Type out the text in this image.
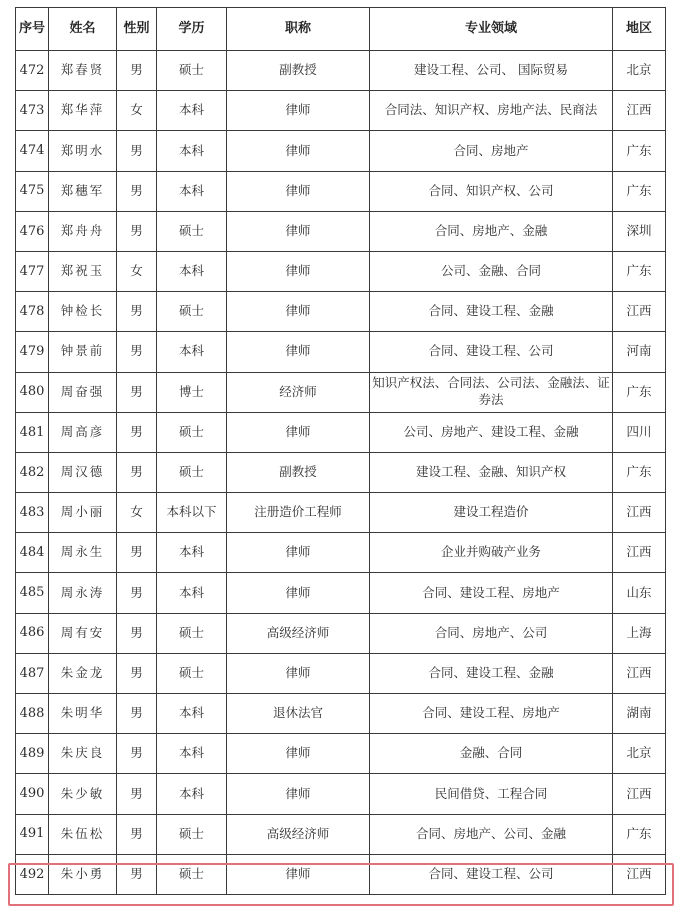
序号	姓名	性别	学历	职称	专业领域	地区
472	郑春贤	男	硕士	副教授	建设工程、公司、 国际贸易	北京
473	郑华萍	女	本科	律师	合同法、知识产权、房地产法、民商法	江西
474	郑明水	男	本科	律师	合同、房地产	广东
475	郑穗军	男	本科	律师	合同、知识产权、公司	广东
476	郑舟舟	男	硕士	律师	合同、房地产、金融	深圳
477	郑祝玉	女	本科	律师	公司、金融、合同	广东
478	钟检长	男	硕士	律师	合同、建设工程、金融	江西
479	钟景前	男	本科	律师	合同、建设工程、公司	河南
480	周奋强	男	博士	经济师	知识产权法、合同法、公司法、金融法、证券法	广东
481	周高彦	男	硕士	律师	公司、房地产、建设工程、金融	四川
482	周汉德	男	硕士	副教授	建设工程、金融、知识产权	广东
483	周小丽	女	本科以下	注册造价工程师	建设工程造价	江西
484	周永生	男	本科	律师	企业并购破产业务	江西
485	周永涛	男	本科	律师	合同、建设工程、房地产	山东
486	周有安	男	硕士	高级经济师	合同、房地产、公司	上海
487	朱金龙	男	硕士	律师	合同、建设工程、金融	江西
488	朱明华	男	本科	退休法官	合同、建设工程、房地产	湖南
489	朱庆良	男	本科	律师	金融、合同	北京
490	朱少敏	男	本科	律师	民间借贷、工程合同	江西
491	朱伍松	男	硕士	高级经济师	合同、房地产、公司、金融	广东
492	朱小勇	男	硕士	律师	合同、建设工程、公司	江西
